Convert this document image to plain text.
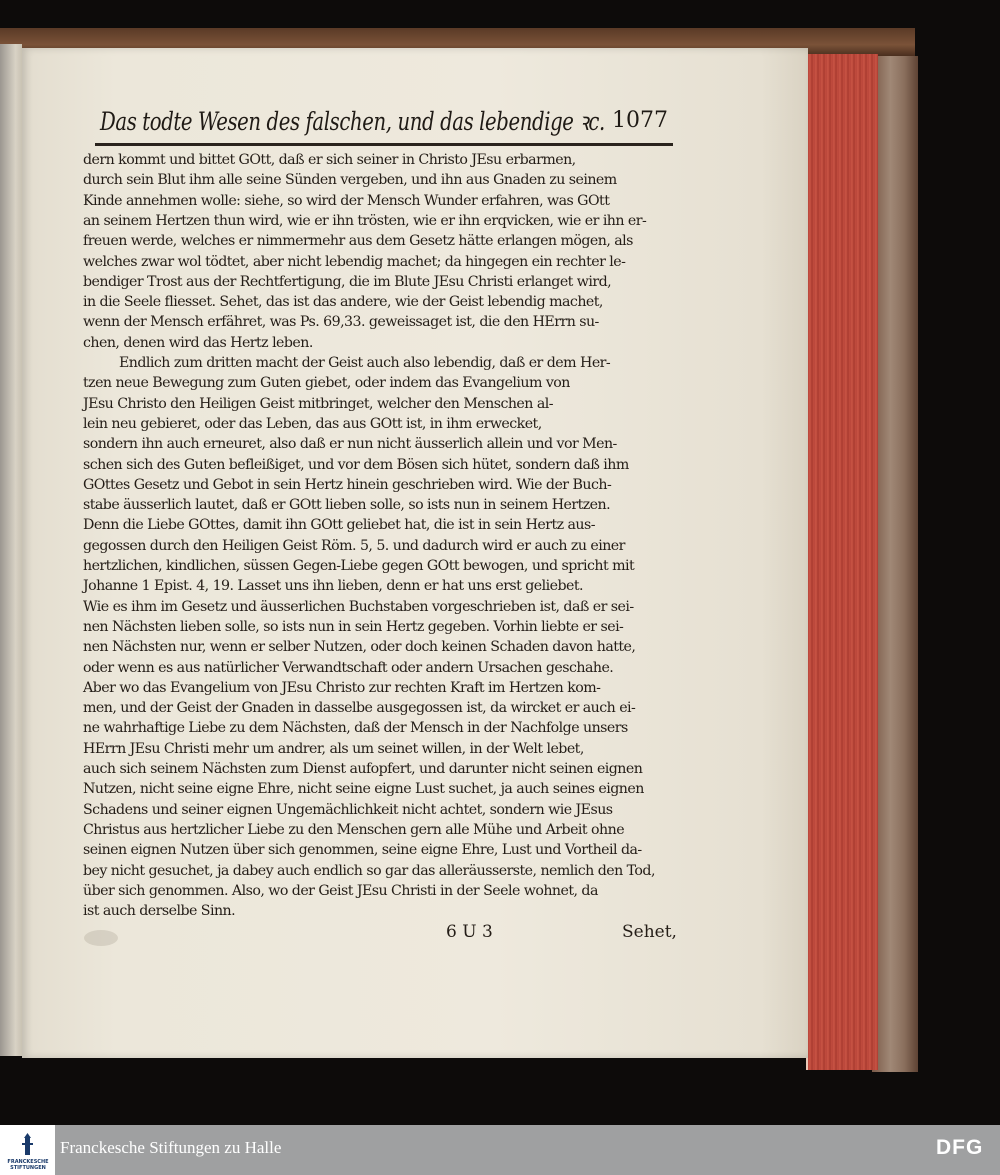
Das todte Wesen des falschen, und das lebendige ꝛc. 1077
dern kommt und bittet GOtt, daß er sich seiner in Christo JEsu erbarmen,
durch sein Blut ihm alle seine Sünden vergeben, und ihn aus Gnaden zu seinem
Kinde annehmen wolle: siehe, so wird der Mensch Wunder erfahren, was GOtt
an seinem Hertzen thun wird, wie er ihn trösten, wie er ihn erqvicken, wie er ihn er-
freuen werde, welches er nimmermehr aus dem Gesetz hätte erlangen mögen, als
welches zwar wol tödtet, aber nicht lebendig machet; da hingegen ein rechter le-
bendiger Trost aus der Rechtfertigung, die im Blute JEsu Christi erlanget wird,
in die Seele fliesset. Sehet, das ist das andere, wie der Geist lebendig machet,
wenn der Mensch erfähret, was Ps. 69,33. geweissaget ist, die den HErrn su-
chen, denen wird das Hertz leben.
Endlich zum dritten macht der Geist auch also lebendig, daß er dem Her-
tzen neue Bewegung zum Guten giebet, oder indem das Evangelium von
JEsu Christo den Heiligen Geist mitbringet, welcher den Menschen al-
lein neu gebieret, oder das Leben, das aus GOtt ist, in ihm erwecket,
sondern ihn auch erneuret, also daß er nun nicht äusserlich allein und vor Men-
schen sich des Guten befleißiget, und vor dem Bösen sich hütet, sondern daß ihm
GOttes Gesetz und Gebot in sein Hertz hinein geschrieben wird. Wie der Buch-
stabe äusserlich lautet, daß er GOtt lieben solle, so ists nun in seinem Hertzen.
Denn die Liebe GOttes, damit ihn GOtt geliebet hat, die ist in sein Hertz aus-
gegossen durch den Heiligen Geist Röm. 5, 5. und dadurch wird er auch zu einer
hertzlichen, kindlichen, süssen Gegen-Liebe gegen GOtt bewogen, und spricht mit
Johanne 1 Epist. 4, 19. Lasset uns ihn lieben, denn er hat uns erst geliebet.
Wie es ihm im Gesetz und äusserlichen Buchstaben vorgeschrieben ist, daß er sei-
nen Nächsten lieben solle, so ists nun in sein Hertz gegeben. Vorhin liebte er sei-
nen Nächsten nur, wenn er selber Nutzen, oder doch keinen Schaden davon hatte,
oder wenn es aus natürlicher Verwandtschaft oder andern Ursachen geschahe.
Aber wo das Evangelium von JEsu Christo zur rechten Kraft im Hertzen kom-
men, und der Geist der Gnaden in dasselbe ausgegossen ist, da wircket er auch ei-
ne wahrhaftige Liebe zu dem Nächsten, daß der Mensch in der Nachfolge unsers
HErrn JEsu Christi mehr um andrer, als um seinet willen, in der Welt lebet,
auch sich seinem Nächsten zum Dienst aufopfert, und darunter nicht seinen eignen
Nutzen, nicht seine eigne Ehre, nicht seine eigne Lust suchet, ja auch seines eignen
Schadens und seiner eignen Ungemächlichkeit nicht achtet, sondern wie JEsus
Christus aus hertzlicher Liebe zu den Menschen gern alle Mühe und Arbeit ohne
seinen eignen Nutzen über sich genommen, seine eigne Ehre, Lust und Vortheil da-
bey nicht gesuchet, ja dabey auch endlich so gar das alleräusserste, nemlich den Tod,
über sich genommen. Also, wo der Geist JEsu Christi in der Seele wohnet, da
ist auch derselbe Sinn.
6 U 3	Sehet,
FRANCKESCHE STIFTUNGEN
Franckesche Stiftungen zu Halle	DFG
